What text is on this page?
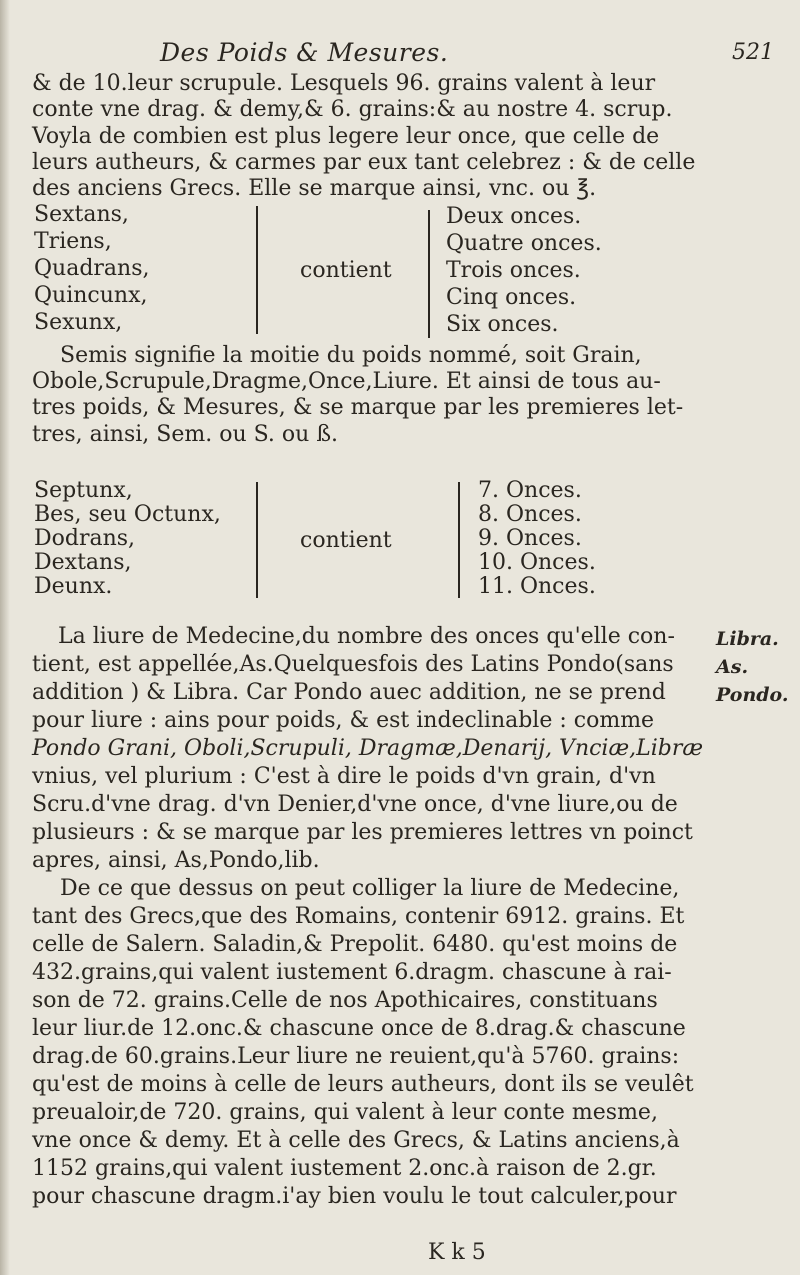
Des Poids & Mesures.	521
& de 10.leur scrupule. Lesquels 96. grains valent à leur
conte vne drag. & demy,& 6. grains:& au nostre 4. scrup.
Voyla de combien est plus legere leur once, que celle de
leurs autheurs, & carmes par eux tant celebrez : & de celle
des anciens Grecs. Elle se marque ainsi, vnc. ou ℥.
Sextans,
Triens,
Quadrans,
Quincunx,
Sexunx,
contient
Deux onces.
Quatre onces.
Trois onces.
Cinq onces.
Six onces.
Semis signifie la moitie du poids nommé, soit Grain,
Obole,Scrupule,Dragme,Once,Liure. Et ainsi de tous au-
tres poids, & Mesures, & se marque par les premieres let-
tres, ainsi, Sem. ou S. ou ß.
Septunx,
Bes, seu Octunx,
Dodrans,
Dextans,
Deunx.
contient
7. Onces.
8. Onces.
9. Onces.
10. Onces.
11. Onces.
La liure de Medecine,du nombre des onces qu'elle con-
tient, est appellée,As.Quelquesfois des Latins Pondo(sans
addition ) & Libra. Car Pondo auec addition, ne se prend
pour liure : ains pour poids, & est indeclinable : comme
Pondo Grani, Oboli,Scrupuli, Dragmæ,Denarij, Vnciæ,Libræ
vnius, vel plurium : C'est à dire le poids d'vn grain, d'vn
Scru.d'vne drag. d'vn Denier,d'vne once, d'vne liure,ou de
plusieurs : & se marque par les premieres lettres vn poinct
apres, ainsi, As,Pondo,lib.
De ce que dessus on peut colliger la liure de Medecine,
tant des Grecs,que des Romains, contenir 6912. grains. Et
celle de Salern. Saladin,& Prepolit. 6480. qu'est moins de
432.grains,qui valent iustement 6.dragm. chascune à rai-
son de 72. grains.Celle de nos Apothicaires, constituans
leur liur.de 12.onc.& chascune once de 8.drag.& chascune
drag.de 60.grains.Leur liure ne reuient,qu'à 5760. grains:
qu'est de moins à celle de leurs autheurs, dont ils se veulêt
preualoir,de 720. grains, qui valent à leur conte mesme,
vne once & demy. Et à celle des Grecs, & Latins anciens,à
1152 grains,qui valent iustement 2.onc.à raison de 2.gr.
pour chascune dragm.i'ay bien voulu le tout calculer,pour
Libra.
As.
Pondo.
K k 5
